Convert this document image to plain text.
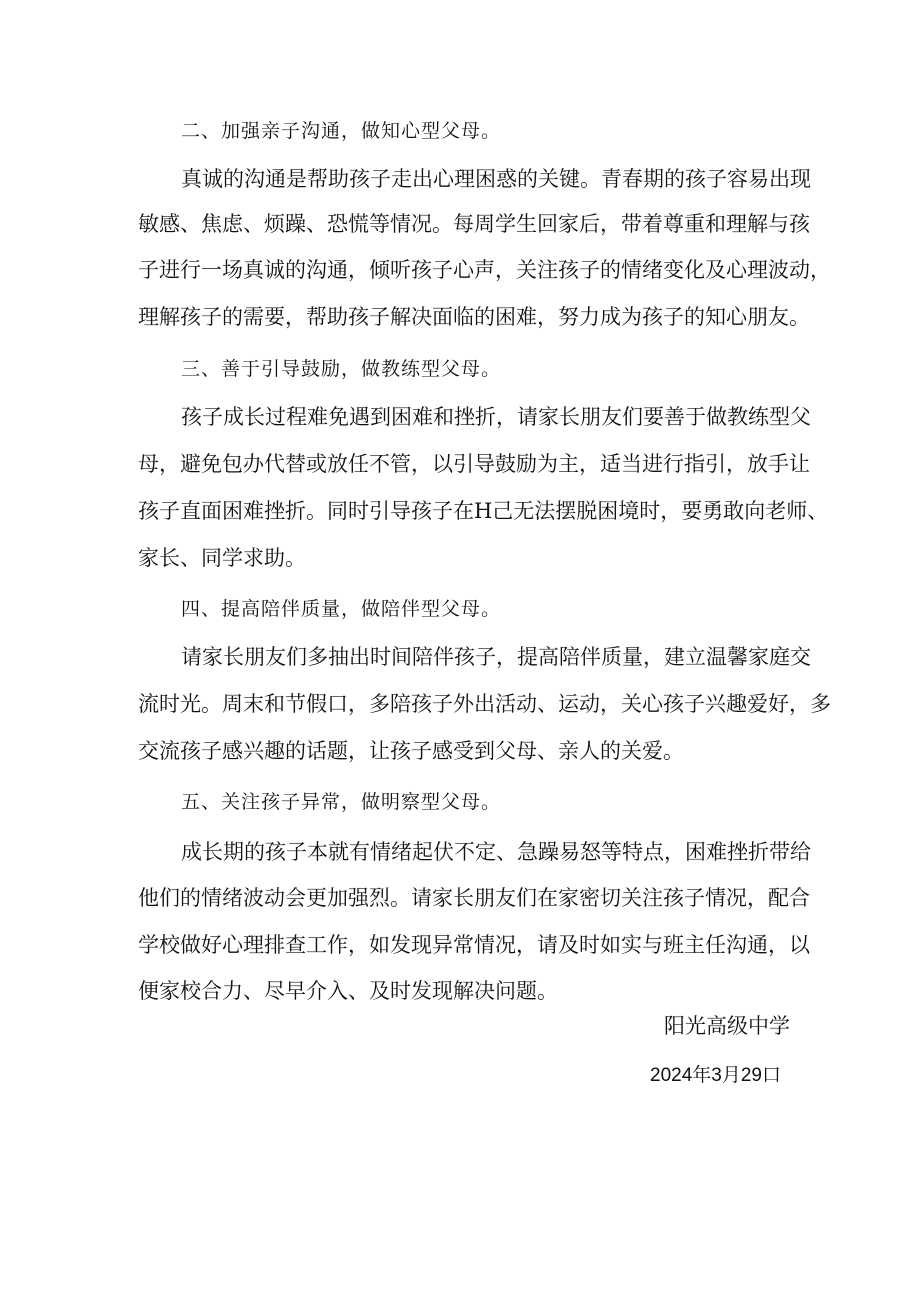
二、加强亲子沟通，做知心型父母。
真诚的沟通是帮助孩子走出心理困惑的关键。青春期的孩子容易出现
敏感、焦虑、烦躁、恐慌等情况。每周学生回家后，带着尊重和理解与孩
子进行一场真诚的沟通，倾听孩子心声，关注孩子的情绪变化及心理波动，
理解孩子的需要，帮助孩子解决面临的困难，努力成为孩子的知心朋友。
三、善于引导鼓励，做教练型父母。
孩子成长过程难免遇到困难和挫折，请家长朋友们要善于做教练型父
母，避免包办代替或放任不管，以引导鼓励为主，适当进行指引，放手让
孩子直面困难挫折。同时引导孩子在H己无法摆脱困境时，要勇敢向老师、
家长、同学求助。
四、提高陪伴质量，做陪伴型父母。
请家长朋友们多抽出时间陪伴孩子，提高陪伴质量，建立温馨家庭交
流时光。周末和节假口，多陪孩子外出活动、运动，关心孩子兴趣爱好，多
交流孩子感兴趣的话题，让孩子感受到父母、亲人的关爱。
五、关注孩子异常，做明察型父母。
成长期的孩子本就有情绪起伏不定、急躁易怒等特点，困难挫折带给
他们的情绪波动会更加强烈。请家长朋友们在家密切关注孩子情况，配合
学校做好心理排查工作，如发现异常情况，请及时如实与班主任沟通，以
便家校合力、尽早介入、及时发现解决问题。
阳光高级中学
2024年3月29口
